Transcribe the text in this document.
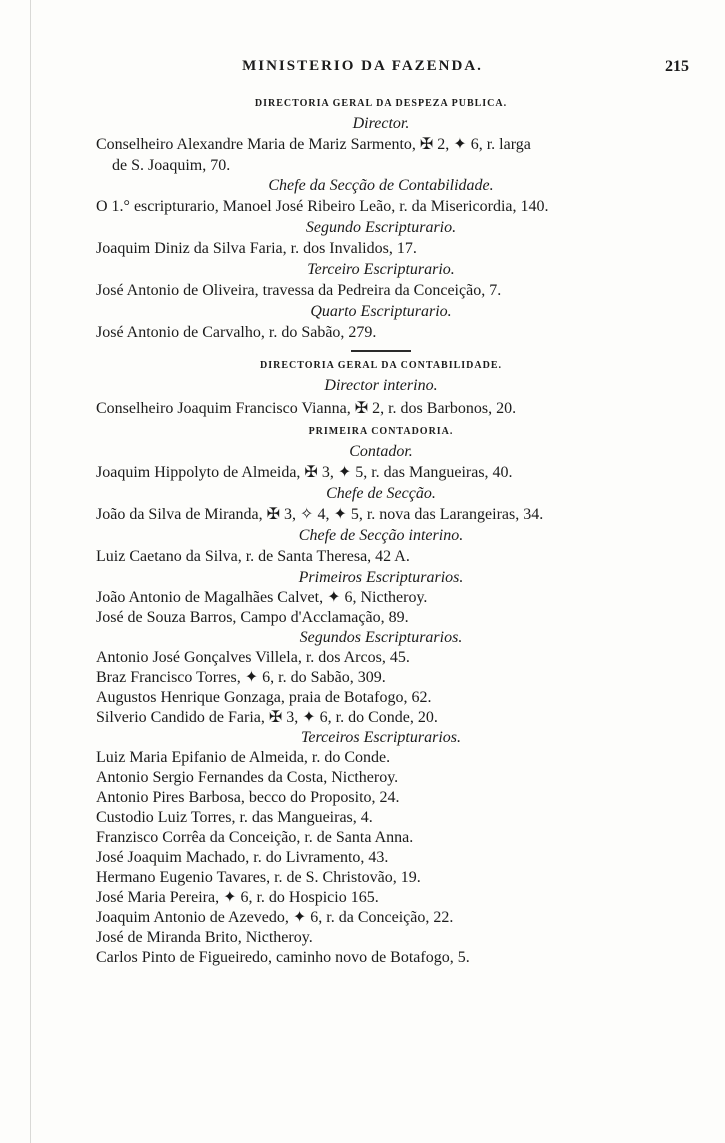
MINISTERIO DA FAZENDA.	215
DIRECTORIA GERAL DA DESPEZA PUBLICA.
Director.
Conselheiro Alexandre Maria de Mariz Sarmento, ✠ 2, ✦ 6, r. larga
de S. Joaquim, 70.
Chefe da Secção de Contabilidade.
O 1.° escripturario, Manoel José Ribeiro Leão, r. da Misericordia, 140.
Segundo Escripturario.
Joaquim Diniz da Silva Faria, r. dos Invalidos, 17.
Terceiro Escripturario.
José Antonio de Oliveira, travessa da Pedreira da Conceição, 7.
Quarto Escripturario.
José Antonio de Carvalho, r. do Sabão, 279.
DIRECTORIA GERAL DA CONTABILIDADE.
Director interino.
Conselheiro Joaquim Francisco Vianna, ✠ 2, r. dos Barbonos, 20.
PRIMEIRA CONTADORIA.
Contador.
Joaquim Hippolyto de Almeida, ✠ 3, ✦ 5, r. das Mangueiras, 40.
Chefe de Secção.
João da Silva de Miranda, ✠ 3, ✧ 4, ✦ 5, r. nova das Larangeiras, 34.
Chefe de Secção interino.
Luiz Caetano da Silva, r. de Santa Theresa, 42 A.
Primeiros Escripturarios.
João Antonio de Magalhães Calvet, ✦ 6, Nictheroy.
José de Souza Barros, Campo d'Acclamação, 89.
Segundos Escripturarios.
Antonio José Gonçalves Villela, r. dos Arcos, 45.
Braz Francisco Torres, ✦ 6, r. do Sabão, 309.
Augustos Henrique Gonzaga, praia de Botafogo, 62.
Silverio Candido de Faria, ✠ 3, ✦ 6, r. do Conde, 20.
Terceiros Escripturarios.
Luiz Maria Epifanio de Almeida, r. do Conde.
Antonio Sergio Fernandes da Costa, Nictheroy.
Antonio Pires Barbosa, becco do Proposito, 24.
Custodio Luiz Torres, r. das Mangueiras, 4.
Franzisco Corrêa da Conceição, r. de Santa Anna.
José Joaquim Machado, r. do Livramento, 43.
Hermano Eugenio Tavares, r. de S. Christovão, 19.
José Maria Pereira, ✦ 6, r. do Hospicio 165.
Joaquim Antonio de Azevedo, ✦ 6, r. da Conceição, 22.
José de Miranda Brito, Nictheroy.
Carlos Pinto de Figueiredo, caminho novo de Botafogo, 5.
